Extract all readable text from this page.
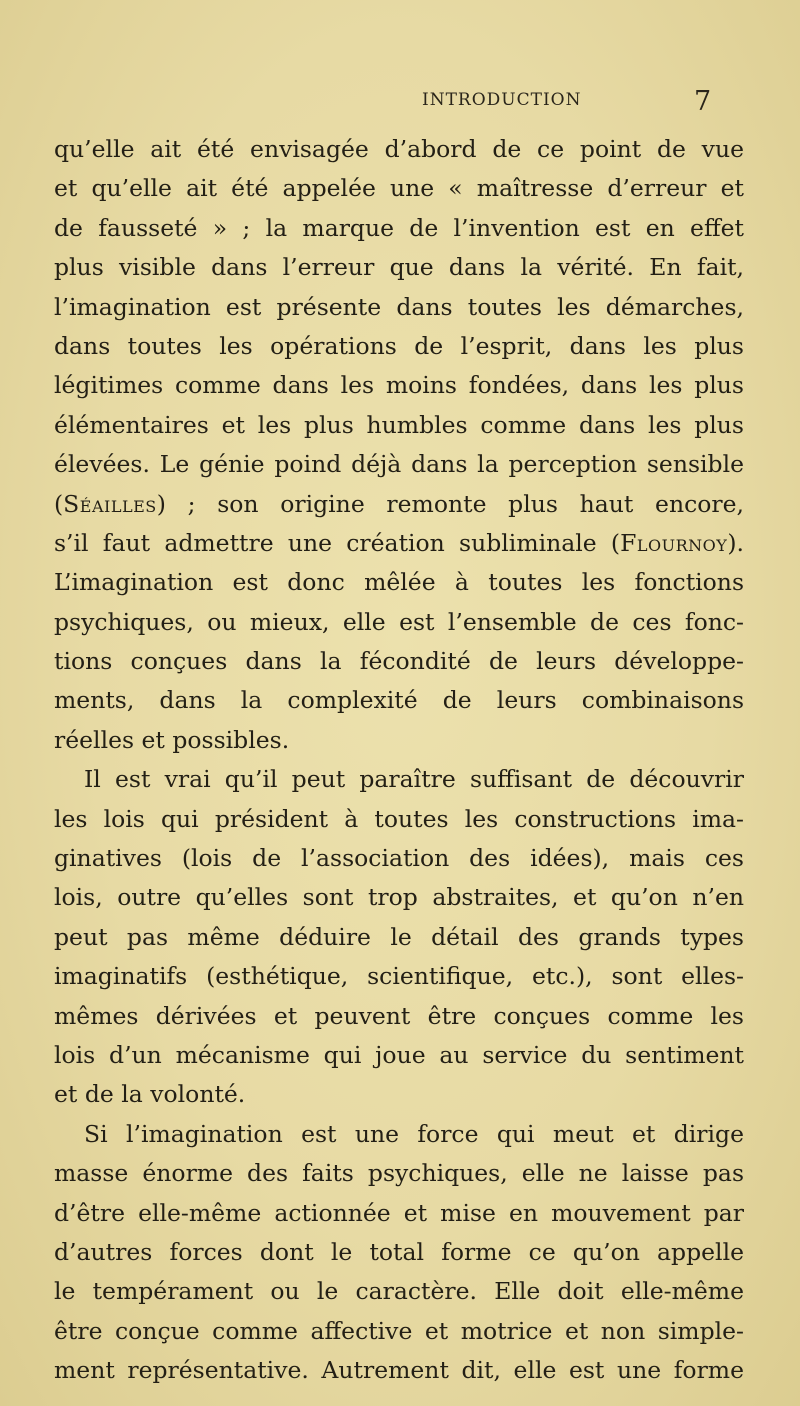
INTRODUCTION	7
qu’elle ait été envisagée d’abord de ce point de vue
et qu’elle ait été appelée une « maîtresse d’erreur et
de fausseté » ; la marque de l’invention est en effet
plus visible dans l’erreur que dans la vérité. En fait,
l’imagination est présente dans toutes les démarches,
dans toutes les opérations de l’esprit, dans les plus
légitimes comme dans les moins fondées, dans les plus
élémentaires et les plus humbles comme dans les plus
élevées. Le génie poind déjà dans la perception sensible
(Séailles) ; son origine remonte plus haut encore,
s’il faut admettre une création subliminale (Flournoy).
L’imagination est donc mêlée à toutes les fonctions
psychiques, ou mieux, elle est l’ensemble de ces fonc-
tions conçues dans la fécondité de leurs développe-
ments, dans la complexité de leurs combinaisons
réelles et possibles.
Il est vrai qu’il peut paraître suffisant de découvrir
les lois qui président à toutes les constructions ima-
ginatives (lois de l’association des idées), mais ces
lois, outre qu’elles sont trop abstraites, et qu’on n’en
peut pas même déduire le détail des grands types
imaginatifs (esthétique, scientifique, etc.), sont elles-
mêmes dérivées et peuvent être conçues comme les
lois d’un mécanisme qui joue au service du sentiment
et de la volonté.
Si l’imagination est une force qui meut et dirige
masse énorme des faits psychiques, elle ne laisse pas
d’être elle-même actionnée et mise en mouvement par
d’autres forces dont le total forme ce qu’on appelle
le tempérament ou le caractère. Elle doit elle-même
être conçue comme affective et motrice et non simple-
ment représentative. Autrement dit, elle est une forme
